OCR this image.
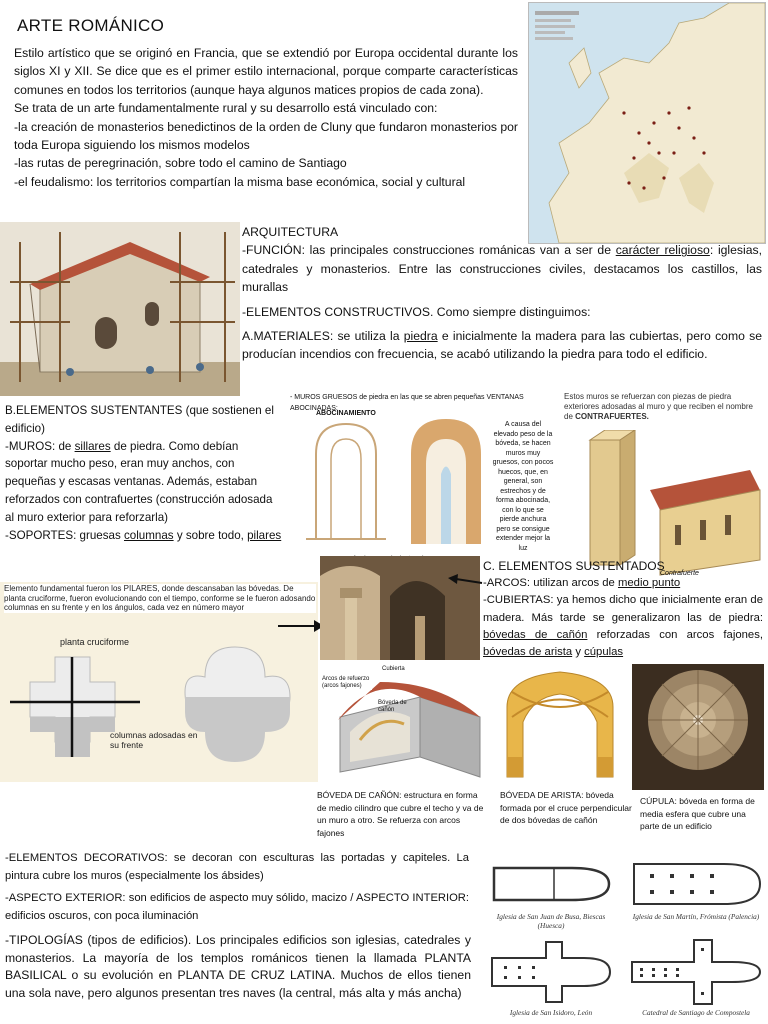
ARTE ROMÁNICO
Estilo artístico que se originó en Francia, que se extendió por Europa occidental durante los siglos XI y XII. Se dice que es el primer estilo internacional, porque comparte características comunes en todos los territorios (aunque haya algunos matices propios de cada zona).
Se trata de un arte fundamentalmente rural y su desarrollo está vinculado con:
-la creación de monasterios benedictinos de la orden de Cluny que fundaron monasterios por toda Europa siguiendo los mismos modelos
-las rutas de peregrinación, sobre todo el camino de Santiago
-el feudalismo: los territorios compartían la misma base económica, social y cultural
ARQUITECTURA
-FUNCIÓN: las principales construcciones románicas van a ser de carácter religioso: iglesias, catedrales y monasterios. Entre las construcciones civiles, destacamos los castillos, las murallas
-ELEMENTOS CONSTRUCTIVOS. Como siempre distinguimos:
A.MATERIALES: se utiliza la piedra e inicialmente la madera para las cubiertas, pero como se producían incendios con frecuencia, se acabó utilizando la piedra para todo el edificio.
B.ELEMENTOS SUSTENTANTES (que sostienen el edificio)
-MUROS: de sillares de piedra. Como debían soportar mucho peso, eran muy anchos, con pequeñas y escasas ventanas. Además, estaban reforzados con contrafuertes (construcción adosada al muro exterior para reforzarla)
-SOPORTES: gruesas columnas y sobre todo, pilares
- MUROS GRUESOS de piedra en las que se abren pequeñas VENTANAS ABOCINADAS:
ABOCINAMIENTO
A causa del elevado peso de la bóveda, se hacen muros muy gruesos, con pocos huecos, que, en general, son estrechos y de forma abocinada, con lo que se pierde anchura pero se consigue extender mejor la luz
Estos muros se refuerzan con piezas de piedra exteriores adosadas al muro y que reciben el nombre de CONTRAFUERTES.
Contrafuerte
Elemento fundamental fueron los PILARES, donde descansaban las bóvedas. De planta cruciforme, fueron evolucionando con el tiempo, conforme se le fueron adosando columnas en su frente y en los ángulos, cada vez en número mayor
planta cruciforme
columnas adosadas en su frente
C. ELEMENTOS SUSTENTADOS
-ARCOS: utilizan arcos de medio punto
-CUBIERTAS: ya hemos dicho que inicialmente eran de madera. Más tarde se generalizaron las de piedra: bóvedas de cañón reforzadas con arcos fajones, bóvedas de arista y cúpulas
Cubierta
Arcos de refuerzo (arcos fajones)
Bóveda de cañón
BÓVEDA DE CAÑÓN: estructura en forma de medio cilindro que cubre el techo y va de un muro a otro. Se refuerza con arcos fajones
BÓVEDA DE ARISTA: bóveda formada por el cruce perpendicular de dos bóvedas de cañón
CÚPULA: bóveda en forma de media esfera que cubre una parte de un edificio
-ELEMENTOS DECORATIVOS: se decoran con esculturas las portadas y capiteles. La pintura cubre los muros (especialmente los ábsides)
-ASPECTO EXTERIOR: son edificios de aspecto muy sólido, macizo / ASPECTO INTERIOR: edificios oscuros, con poca iluminación
-TIPOLOGÍAS (tipos de edificios). Los principales edificios son iglesias, catedrales y monasterios. La mayoría de los templos románicos tienen la llamada PLANTA BASILICAL o su evolución en PLANTA DE CRUZ LATINA. Muchos de ellos tienen una sola nave, pero algunos presentan tres naves (la central, más alta y más ancha)
Iglesia de San Juan de Busa, Biescas (Huesca)
Iglesia de San Martín, Frómista (Palencia)
Iglesia de San Isidoro, León	Catedral de Santiago de Compostela
